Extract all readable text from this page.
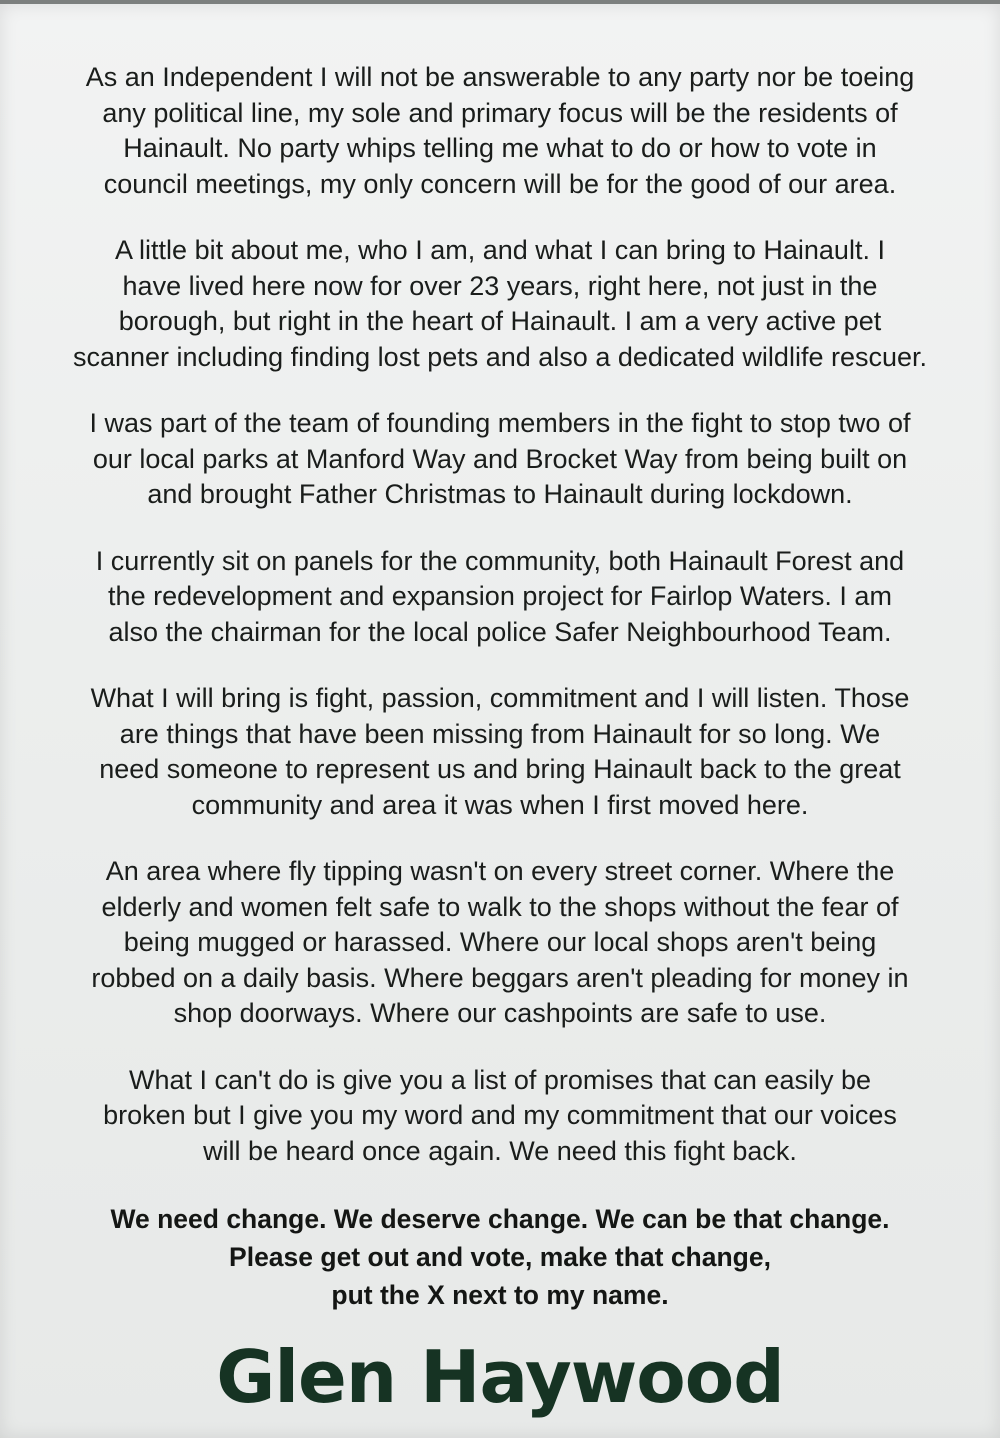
As an Independent I will not be answerable to any party nor be toeing
any political line, my sole and primary focus will be the residents of
Hainault. No party whips telling me what to do or how to vote in
council meetings, my only concern will be for the good of our area.
A little bit about me, who I am, and what I can bring to Hainault. I
have lived here now for over 23 years, right here, not just in the
borough, but right in the heart of Hainault. I am a very active pet
scanner including finding lost pets and also a dedicated wildlife rescuer.
I was part of the team of founding members in the fight to stop two of
our local parks at Manford Way and Brocket Way from being built on
and brought Father Christmas to Hainault during lockdown.
I currently sit on panels for the community, both Hainault Forest and
the redevelopment and expansion project for Fairlop Waters. I am
also the chairman for the local police Safer Neighbourhood Team.
What I will bring is fight, passion, commitment and I will listen. Those
are things that have been missing from Hainault for so long. We
need someone to represent us and bring Hainault back to the great
community and area it was when I first moved here.
An area where fly tipping wasn't on every street corner. Where the
elderly and women felt safe to walk to the shops without the fear of
being mugged or harassed. Where our local shops aren't being
robbed on a daily basis. Where beggars aren't pleading for money in
shop doorways. Where our cashpoints are safe to use.
What I can't do is give you a list of promises that can easily be
broken but I give you my word and my commitment that our voices
will be heard once again. We need this fight back.
We need change. We deserve change. We can be that change.
Please get out and vote, make that change,
put the X next to my name.
Glen Haywood
